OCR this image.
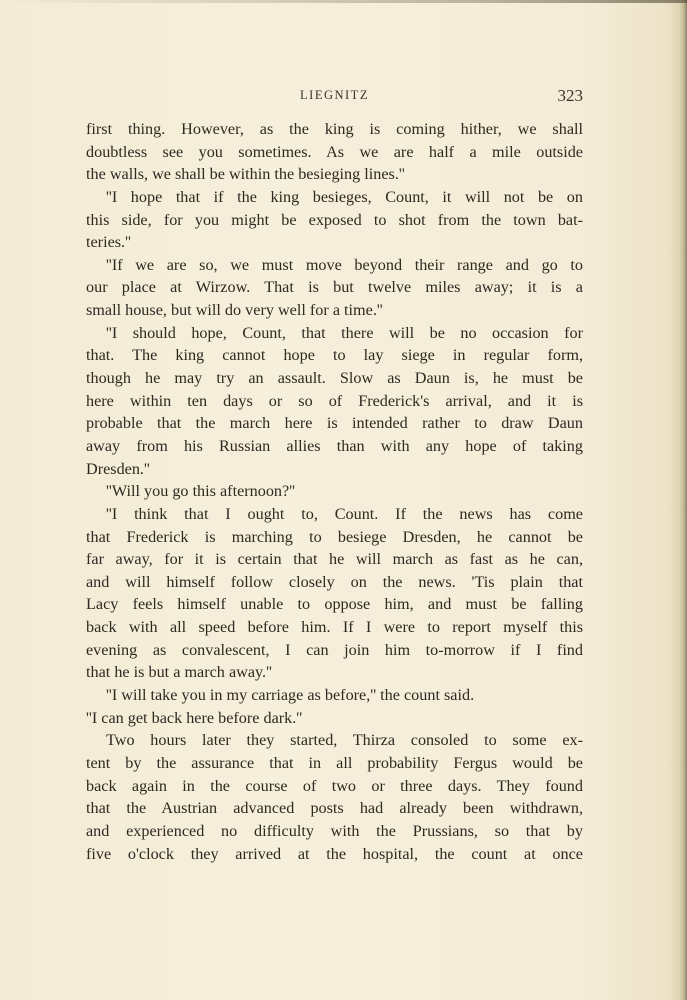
LIEGNITZ	323
first thing. However, as the king is coming hither, we shall
doubtless see you sometimes. As we are half a mile outside
the walls, we shall be within the besieging lines.''
''I hope that if the king besieges, Count, it will not be on
this side, for you might be exposed to shot from the town bat-
teries.''
''If we are so, we must move beyond their range and go to
our place at Wirzow. That is but twelve miles away; it is a
small house, but will do very well for a time.''
''I should hope, Count, that there will be no occasion for
that. The king cannot hope to lay siege in regular form,
though he may try an assault. Slow as Daun is, he must be
here within ten days or so of Frederick's arrival, and it is
probable that the march here is intended rather to draw Daun
away from his Russian allies than with any hope of taking
Dresden.''
''Will you go this afternoon?''
''I think that I ought to, Count. If the news has come
that Frederick is marching to besiege Dresden, he cannot be
far away, for it is certain that he will march as fast as he can,
and will himself follow closely on the news. 'Tis plain that
Lacy feels himself unable to oppose him, and must be falling
back with all speed before him. If I were to report myself this
evening as convalescent, I can join him to-morrow if I find
that he is but a march away.''
''I will take you in my carriage as before,'' the count said.
''I can get back here before dark.''
Two hours later they started, Thirza consoled to some ex-
tent by the assurance that in all probability Fergus would be
back again in the course of two or three days. They found
that the Austrian advanced posts had already been withdrawn,
and experienced no difficulty with the Prussians, so that by
five o'clock they arrived at the hospital, the count at once
